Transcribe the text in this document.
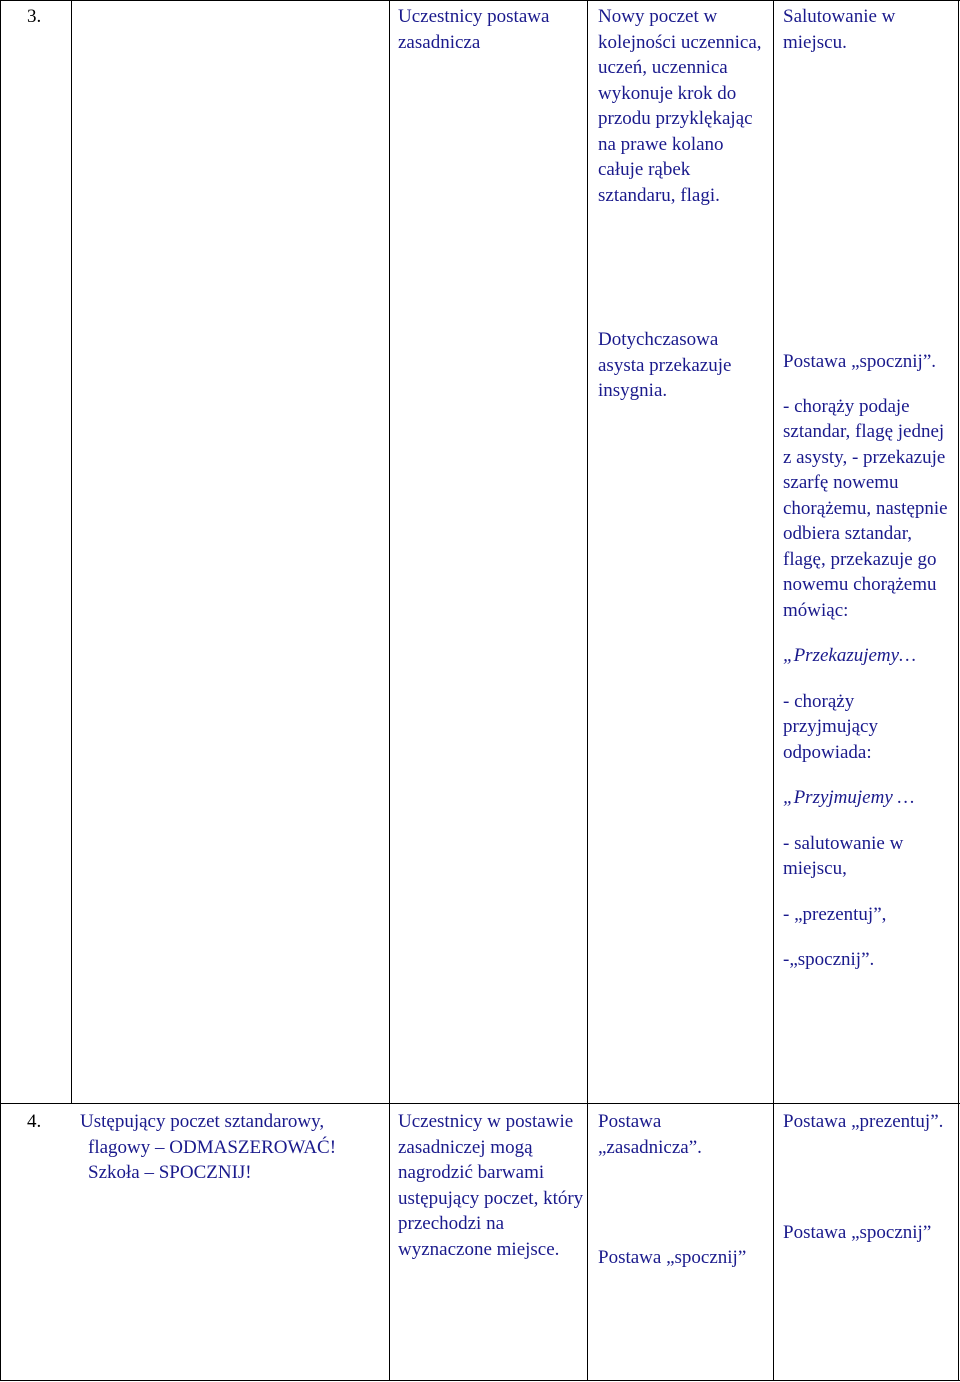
3.	Uczestnicy postawa zasadnicza

Nowy poczet w kolejności uczennica, uczeń, uczennica wykonuje krok do przodu przyklękając na prawe kolano całuje rąbek sztandaru, flagi.

Dotychczasowa asysta przekazuje insygnia.

Salutowanie w miejscu.

Postawa „spocznij”.

- chorąży podaje sztandar, flagę jednej z asysty, - przekazuje szarfę nowemu chorążemu, następnie odbiera sztandar, flagę, przekazuje go nowemu chorążemu mówiąc:

„Przekazujemy…

- chorąży przyjmujący odpowiada:

„Przyjmujemy …

- salutowanie w miejscu,

- „prezentuj”,

-„spocznij”.

4. Ustępujący poczet sztandarowy, flagowy – ODMASZEROWAĆ! Szkoła – SPOCZNIJ!

Uczestnicy w postawie zasadniczej mogą nagrodzić barwami ustępujący poczet, który przechodzi na wyznaczone miejsce.

Postawa „zasadnicza”.

Postawa „spocznij”

Postawa „prezentuj”.

Postawa „spocznij”
